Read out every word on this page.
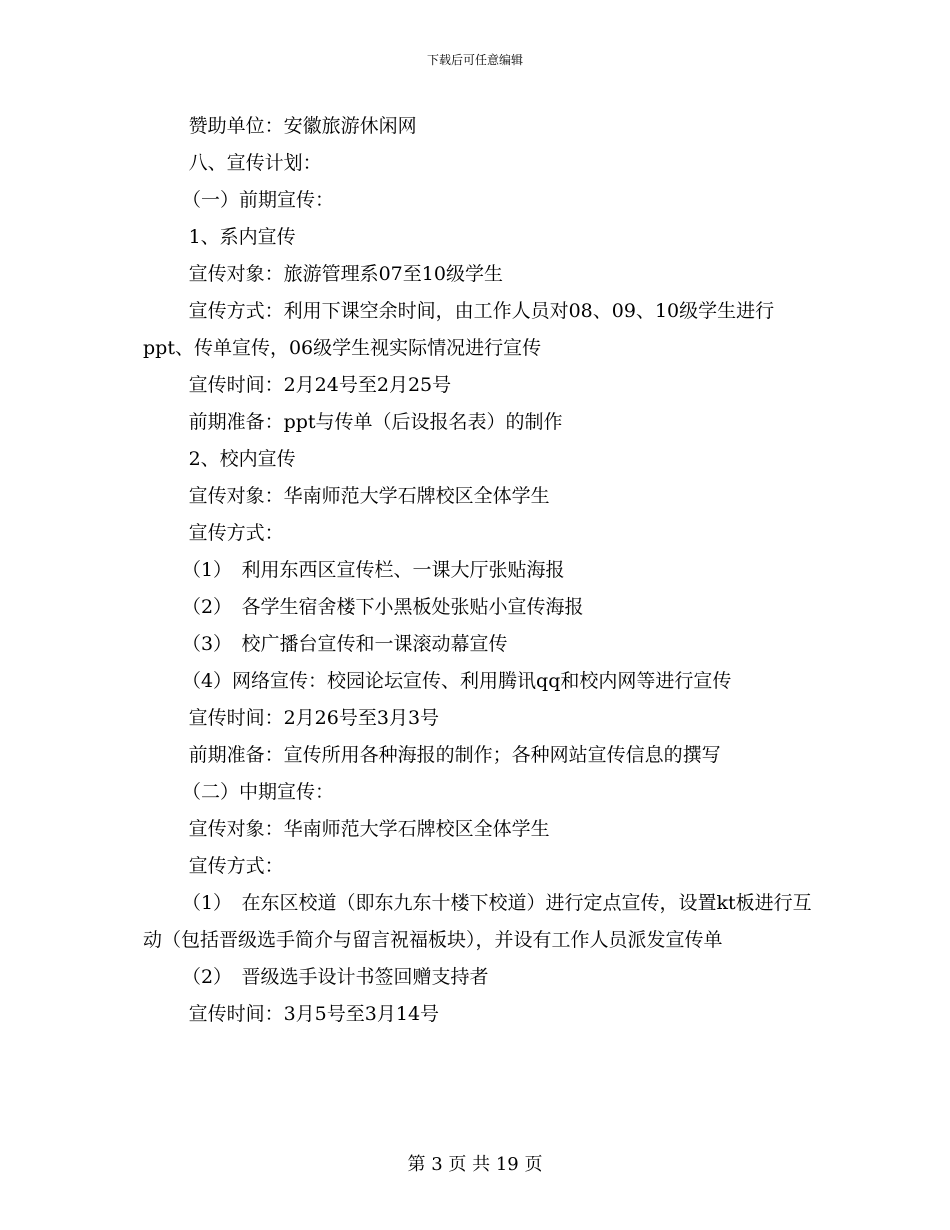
下载后可任意编辑

赞助单位：安徽旅游休闲网

八、宣传计划：

（一）前期宣传：

1、系内宣传

宣传对象：旅游管理系07至10级学生

宣传方式：利用下课空余时间，由工作人员对08、09、10级学生进行ppt、传单宣传，06级学生视实际情况进行宣传

宣传时间：2月24号至2月25号

前期准备：ppt与传单（后设报名表）的制作

2、校内宣传

宣传对象：华南师范大学石牌校区全体学生

宣传方式：

（1）　利用东西区宣传栏、一课大厅张贴海报

（2）　各学生宿舍楼下小黑板处张贴小宣传海报

（3）　校广播台宣传和一课滚动幕宣传

（4）网络宣传：校园论坛宣传、利用腾讯qq和校内网等进行宣传

宣传时间：2月26号至3月3号

前期准备：宣传所用各种海报的制作；各种网站宣传信息的撰写

（二）中期宣传：

宣传对象：华南师范大学石牌校区全体学生

宣传方式：

（1）　在东区校道（即东九东十楼下校道）进行定点宣传，设置kt板进行互动（包括晋级选手简介与留言祝福板块），并设有工作人员派发宣传单

（2）　晋级选手设计书签回赠支持者

宣传时间：3月5号至3月14号

第 3 页 共 19 页
